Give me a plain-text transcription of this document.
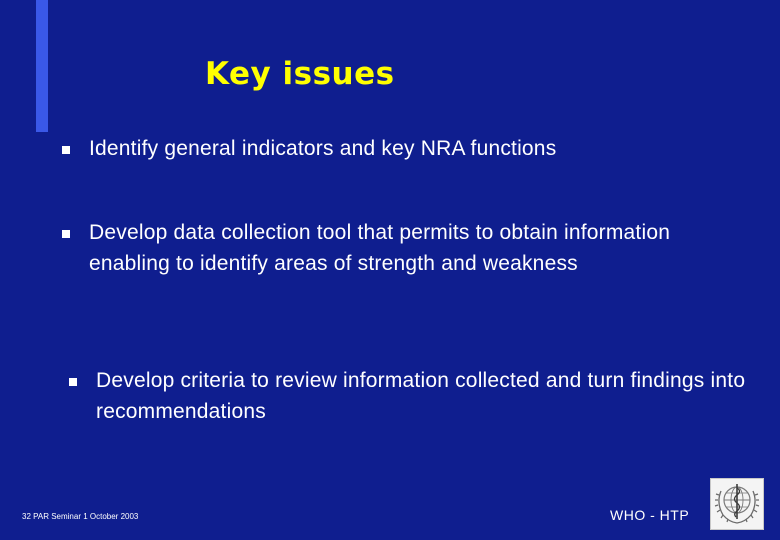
Key issues
Identify general indicators and key NRA functions
Develop data collection tool that permits to obtain information enabling to identify areas of strength and weakness
Develop criteria to review information collected and turn findings into recommendations
32 PAR Seminar 1 October 2003	WHO - HTP
